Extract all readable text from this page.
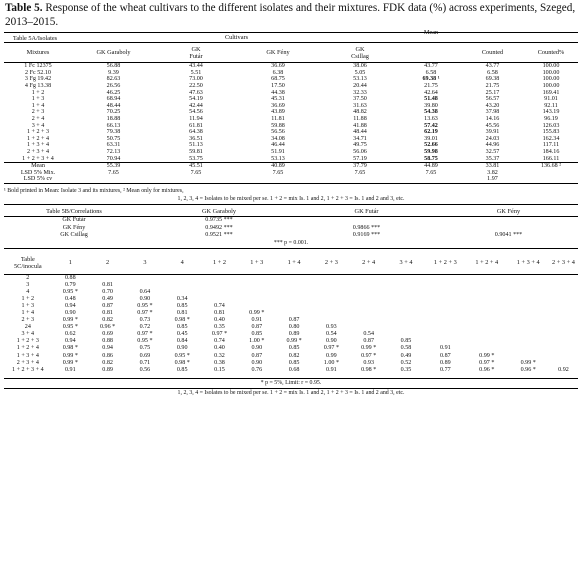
Table 5. Response of the wheat cultivars to the different isolates and their mixtures. FDK data (%) across experiments, Szeged, 2013–2015.
Table 5A/Isolates	Cultivars						
Mixtures	GK Garaboly	GK Futár	GK Fény	GK Csillag	Mean	Counted	Counted%
1 Fc 12375	56.88	43.44	36.69	38.06	43.77	43.77	100.00
2 Fc 52.10	9.39	5.51	6.38	5.05	6.58	6.58	100.00
3 Fg 19.42	82.63	73.00	68.75	53.13	69.38 ¹	69.38	100.00
4 Fg 13.38	26.56	22.50	17.50	20.44	21.75	21.75	100.00
1 + 2	46.25	47.63	44.38	32.33	42.64	25.17	169.41
1 + 3	68.94	54.19	45.31	37.50	51.48	56.57	91.01
1 + 4	48.44	42.44	36.69	31.63	39.80	43.20	92.11
2 + 3	70.25	54.56	43.89	48.82	54.38	37.98	143.19
2 + 4	18.88	11.94	11.81	11.88	13.63	14.16	96.19
3 + 4	66.13	61.81	59.88	41.88	57.42	45.56	126.03
1 + 2 + 3	79.38	64.38	56.56	48.44	62.19	39.91	155.83
1 + 2 + 4	50.75	36.51	34.08	34.71	39.01	24.03	162.34
1 + 3 + 4	63.31	51.13	46.44	49.75	52.66	44.96	117.11
2 + 3 + 4	72.13	59.81	51.91	56.06	59.98	32.57	184.16
1 + 2 + 3 + 4	70.94	53.75	53.13	57.19	58.75	35.37	166.11
Mean	55.39	45.51	40.89	37.79	44.89	33.81	136.68 ²
LSD 5% Mix.	7.65	7.65	7.65	7.65	7.65	3.82	
LSD 5% cv						1.97	
¹ Bold printed in Mean: Isolate 3 and its mixtures, ² Mean only for mixtures,
1, 2, 3, 4 = Isolates to be mixed per se. 1 + 2 = mix Is. 1 and 2, 1 + 2 + 3 = Is. 1 and 2 and 3, etc.
Table 5B/Correlations	GK Garaboly	GK Futár	GK Fény
GK Futár	0.9735 ***		
GK Fény	0.9492 ***	0.9866 ***	
GK Csillag	0.9521 ***	0.9169 ***	0.9041 ***
*** p = 0.001.
Table 5C/inocula	1	2	3	4	1 + 2	1 + 3	1 + 4	2 + 3	2 + 4	3 + 4	1 + 2 + 3	1 + 2 + 4	1 + 3 + 4	2 + 3 + 4
2	0.88													
3	0.79	0.81												
4	0.95 *	0.70	0.64											
1 + 2	0.48	0.49	0.90	0.34										
1 + 3	0.94	0.87	0.95 *	0.85	0.74									
1 + 4	0.90	0.81	0.97 *	0.81	0.81	0.99 *								
2 + 3	0.99 *	0.82	0.73	0.98 *	0.40	0.91	0.87							
24	0.95 *	0.96 *	0.72	0.85	0.35	0.87	0.80	0.93						
3 + 4	0.62	0.69	0.97 *	0.45	0.97 *	0.85	0.89	0.54	0.54					
1 + 2 + 3	0.94	0.88	0.95 *	0.84	0.74	1.00 *	0.99 *	0.90	0.87	0.85				
1 + 2 + 4	0.98 *	0.94	0.75	0.90	0.40	0.90	0.85	0.97 *	0.99 *	0.58	0.91			
1 + 3 + 4	0.99 *	0.86	0.69	0.95 *	0.32	0.87	0.82	0.99	0.97 *	0.49	0.87	0.99 *		
2 + 3 + 4	0.99 *	0.82	0.71	0.98 *	0.38	0.90	0.85	1.00 *	0.93	0.52	0.89	0.97 *	0.99 *	
1 + 2 + 3 + 4	0.91	0.89	0.56	0.85	0.15	0.76	0.68	0.91	0.98 *	0.35	0.77	0.96 *	0.96 *	0.92
* p = 5%, Limit: r = 0.95.
1, 2, 3, 4 = Isolates to be mixed per se. 1 + 2 = mix Is. 1 and 2, 1 + 2 + 3 = Is. 1 and 2 and 3, etc.
